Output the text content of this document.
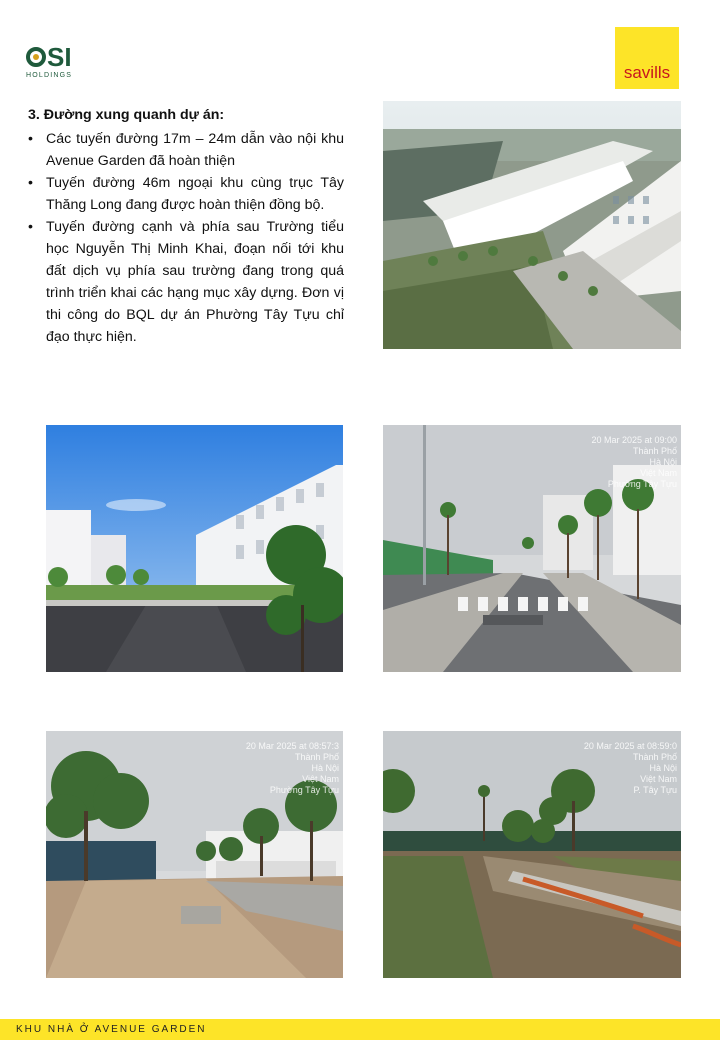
SI
HOLDINGS	savills
3. Đường xung quanh dự án:
• Các tuyến đường 17m – 24m dẫn vào nội khu Avenue Garden đã hoàn thiện
• Tuyến đường 46m ngoại khu cùng trục Tây Thăng Long đang được hoàn thiện đồng bộ.
• Tuyến đường cạnh và phía sau Trường tiểu học Nguyễn Thị Minh Khai, đoạn nối tới khu đất dịch vụ phía sau trường đang trong quá trình triển khai các hạng mục xây dựng. Đơn vị thi công do BQL dự án Phường Tây Tựu chỉ đạo thực hiện.
20 Mar 2025 at 09:00
Thành Phố
Hà Nội
Việt Nam
Phường Tây Tựu
20 Mar 2025 at 08:57:3
Thành Phố
Hà Nội
Việt Nam
Phường Tây Tựu
20 Mar 2025 at 08:59:0
Thành Phố
Hà Nội
Việt Nam
P. Tây Tựu
KHU NHÀ Ở AVENUE GARDEN
